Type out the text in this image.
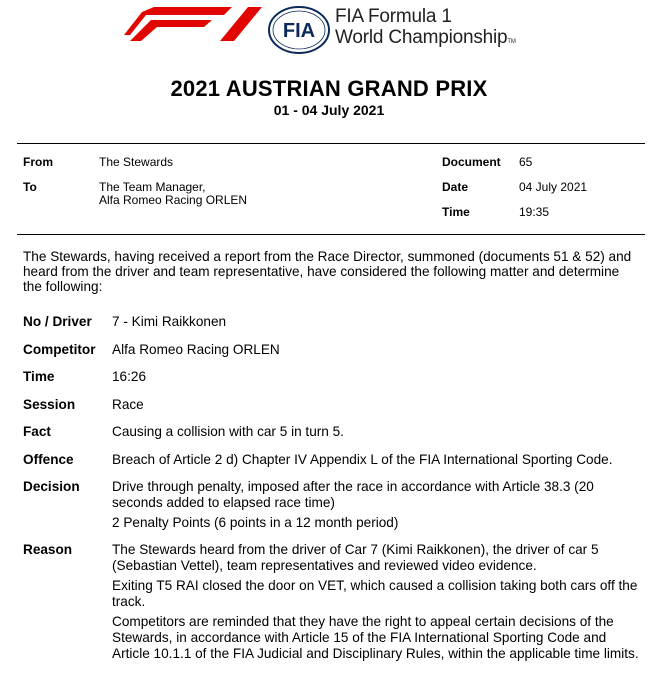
FIA
FIA Formula 1
World ChampionshipTM
2021 AUSTRIAN GRAND PRIX
01 - 04 July 2021
From	The Stewards
To	The Team Manager,
Alfa Romeo Racing ORLEN
Document 65
Date	04 July 2021
Time	19:35
The Stewards, having received a report from the Race Director, summoned (documents 51 & 52) and heard from the driver and team representative, have considered the following matter and determine the following:
No / Driver 7 - Kimi Raikkonen
Competitor Alfa Romeo Racing ORLEN
Time	16:26
Session	Race
Fact	Causing a collision with car 5 in turn 5.
Offence	Breach of Article 2 d) Chapter IV Appendix L of the FIA International Sporting Code.
Decision Drive through penalty, imposed after the race in accordance with Article 38.3 (20 seconds added to elapsed race time)

2 Penalty Points (6 points in a 12 month period)

Reason	The Stewards heard from the driver of Car 7 (Kimi Raikkonen), the driver of car 5 (Sebastian Vettel), team representatives and reviewed video evidence.

Exiting T5 RAI closed the door on VET, which caused a collision taking both cars off the track.

Competitors are reminded that they have the right to appeal certain decisions of the Stewards, in accordance with Article 15 of the FIA International Sporting Code and Article 10.1.1 of the FIA Judicial and Disciplinary Rules, within the applicable time limits.
